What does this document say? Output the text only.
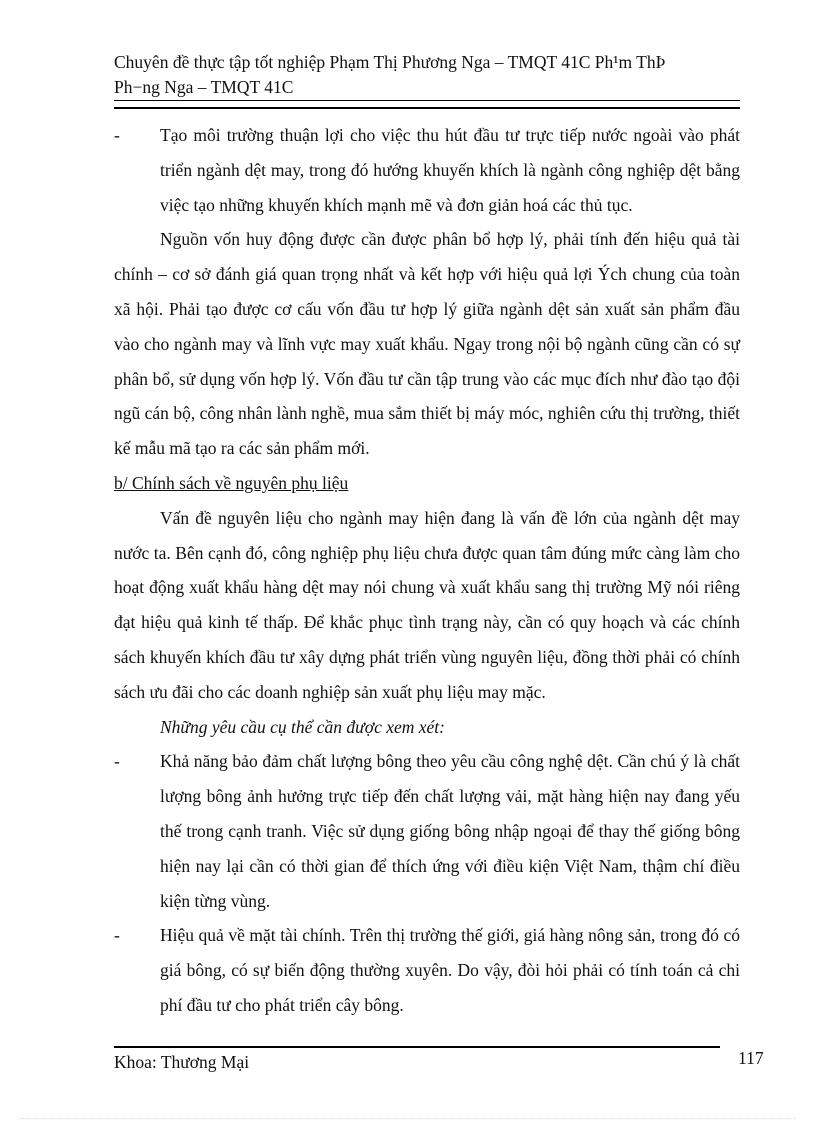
Chuyên đề thực tập tốt nghiệp Phạm Thị Phương Nga – TMQT 41C Ph¹m ThÞ
Ph−ng Nga – TMQT 41C
-	Tạo môi trường thuận lợi cho việc thu hút đầu tư trực tiếp nước ngoài vào phát triển ngành dệt may, trong đó hướng khuyến khích là ngành công nghiệp dệt bằng việc tạo những khuyến khích mạnh mẽ và đơn giản hoá các thủ tục.

Nguồn vốn huy động được cần được phân bổ hợp lý, phải tính đến hiệu quả tài chính – cơ sở đánh giá quan trọng nhất và kết hợp với hiệu quả lợi Ých chung của toàn xã hội. Phải tạo được cơ cấu vốn đầu tư hợp lý giữa ngành dệt sản xuất sản phẩm đầu vào cho ngành may và lĩnh vực may xuất khẩu. Ngay trong nội bộ ngành cũng cần có sự phân bổ, sử dụng vốn hợp lý. Vốn đầu tư cần tập trung vào các mục đích như đào tạo đội ngũ cán bộ, công nhân lành nghề, mua sắm thiết bị máy móc, nghiên cứu thị trường, thiết kế mẫu mã tạo ra các sản phẩm mới.

b/ Chính sách về nguyên phụ liệu

Vấn đề nguyên liệu cho ngành may hiện đang là vấn đề lớn của ngành dệt may nước ta. Bên cạnh đó, công nghiệp phụ liệu chưa được quan tâm đúng mức càng làm cho hoạt động xuất khẩu hàng dệt may nói chung và xuất khẩu sang thị trường Mỹ nói riêng đạt hiệu quả kinh tế thấp. Để khắc phục tình trạng này, cần có quy hoạch và các chính sách khuyến khích đầu tư xây dựng phát triển vùng nguyên liệu, đồng thời phải có chính sách ưu đãi cho các doanh nghiệp sản xuất phụ liệu may mặc.

Những yêu cầu cụ thể cần được xem xét:

-	Khả năng bảo đảm chất lượng bông theo yêu cầu công nghệ dệt. Cần chú ý là chất lượng bông ảnh hưởng trực tiếp đến chất lượng vải, mặt hàng hiện nay đang yếu thế trong cạnh tranh. Việc sử dụng giống bông nhập ngoại để thay thế giống bông hiện nay lại cần có thời gian để thích ứng với điều kiện Việt Nam, thậm chí điều kiện từng vùng.
-	Hiệu quả về mặt tài chính. Trên thị trường thế giới, giá hàng nông sản, trong đó có giá bông, có sự biến động thường xuyên. Do vậy, đòi hỏi phải có tính toán cả chi phí đầu tư cho phát triển cây bông.
Khoa: Thương Mại	117
